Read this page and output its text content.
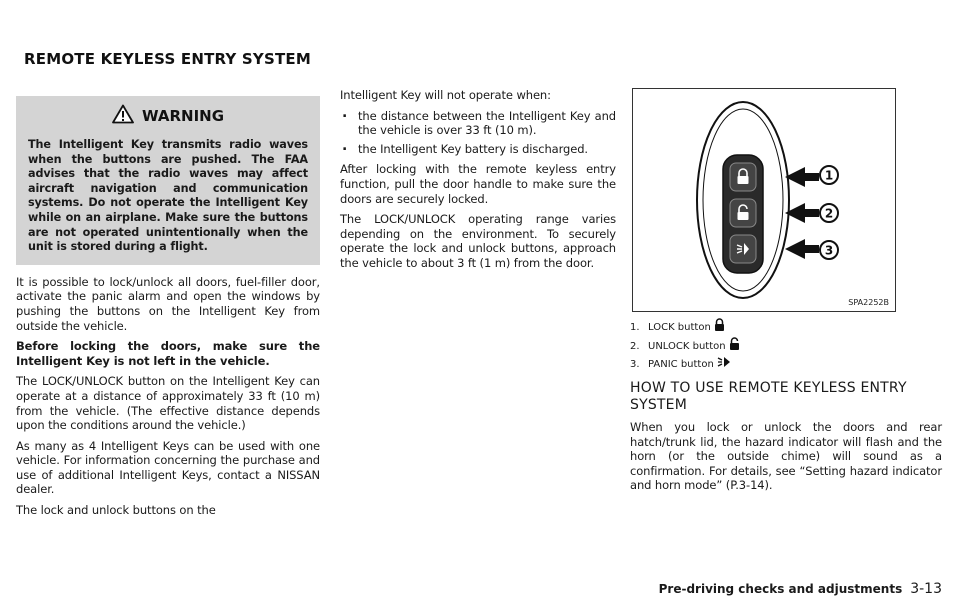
REMOTE KEYLESS ENTRY SYSTEM
WARNING

The Intelligent Key transmits radio waves when the buttons are pushed. The FAA advises that the radio waves may affect aircraft navigation and communication systems. Do not operate the Intelligent Key while on an airplane. Make sure the buttons are not operated unintentionally when the unit is stored during a flight.

It is possible to lock/unlock all doors, fuel-filler door, activate the panic alarm and open the windows by pushing the buttons on the Intelligent Key from outside the vehicle.

Before locking the doors, make sure the Intelligent Key is not left in the vehicle.

The LOCK/UNLOCK button on the Intelligent Key can operate at a distance of approximately 33 ft (10 m) from the vehicle. (The effective distance depends upon the conditions around the vehicle.)

As many as 4 Intelligent Keys can be used with one vehicle. For information concerning the purchase and use of additional Intelligent Keys, contact a NISSAN dealer.

The lock and unlock buttons on the

Intelligent Key will not operate when:

. the distance between the Intelligent Key and the vehicle is over 33 ft (10 m).
. the Intelligent Key battery is discharged.

After locking with the remote keyless entry function, pull the door handle to make sure the doors are securely locked.

The LOCK/UNLOCK operating range varies depending on the environment. To securely operate the lock and unlock buttons, approach the vehicle to about 3 ft (1 m) from the door.

1
2
3
SPA2252B
1. LOCK button
2. UNLOCK button
3. PANIC button
HOW TO USE REMOTE KEYLESS ENTRY SYSTEM

When you lock or unlock the doors and rear hatch/trunk lid, the hazard indicator will flash and the horn (or the outside chime) will sound as a confirmation. For details, see “Setting hazard indicator and horn mode” (P.3-14).

Pre-driving checks and adjustments 3-13
